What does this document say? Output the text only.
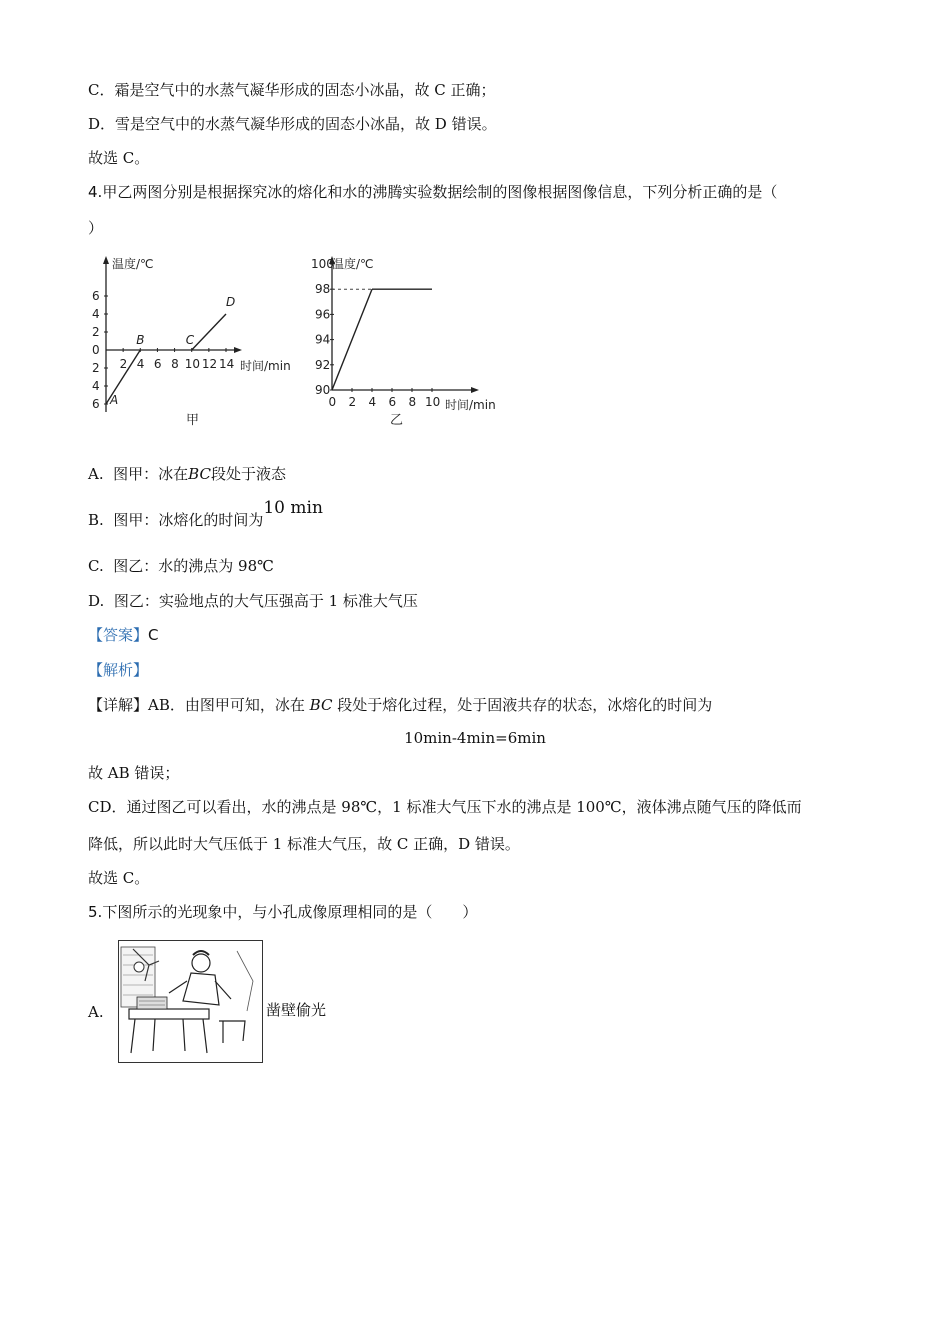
C．霜是空气中的水蒸气凝华形成的固态小冰晶，故 C 正确；
D．雪是空气中的水蒸气凝华形成的固态小冰晶，故 D 错误。
故选 C。
4.甲乙两图分别是根据探究冰的熔化和水的沸腾实验数据绘制的图像根据图像信息，下列分析正确的是（
）
温度/℃
时间/min
6
4
2
0
2
4
6
2 4 6 8 10 12 14
A
B	C
D
甲
温度/℃
时间/min
100
98
96
94
92
90
0 2 4 6 8 10
乙
A. 图甲：冰在BC段处于液态
B. 图甲：冰熔化的时间为10 min
C. 图乙：水的沸点为 98℃
D. 图乙：实验地点的大气压强高于 1 标准大气压
【答案】C
【解析】
【详解】AB．由图甲可知，冰在 BC 段处于熔化过程，处于固液共存的状态，冰熔化的时间为
10min-4min=6min
故 AB 错误；
CD．通过图乙可以看出，水的沸点是 98℃，1 标准大气压下水的沸点是 100℃，液体沸点随气压的降低而
降低，所以此时大气压低于 1 标准大气压，故 C 正确，D 错误。
故选 C。
5.下图所示的光现象中，与小孔成像原理相同的是（　　）
A.	凿壁偷光
